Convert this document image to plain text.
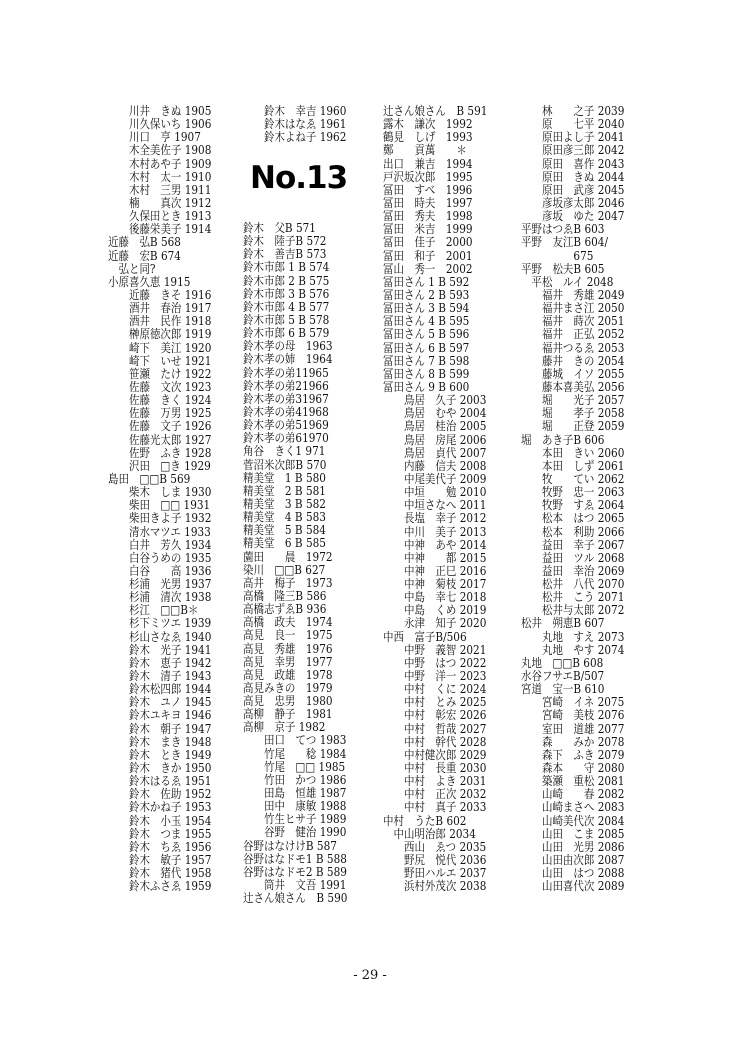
　　川井　きぬ 1905
　　川久保いち 1906
　　川口　亨 1907
　　木全美佐子 1908
　　木村あや子 1909
　　木村　太一 1910
　　木村　三男 1911
　　楠　　真次 1912
　　久保田とき 1913
　　後藤栄美子 1914
近藤　弘B 568
近藤　宏B 674
　弘と同?
小原喜久恵 1915
　　近藤　きそ 1916
　　酒井　春治 1917
　　酒井　民作 1918
　　榊原徳次郎 1919
　　崎下　美江 1920
　　崎下　いせ 1921
　　笹瀬　たけ 1922
　　佐藤　文次 1923
　　佐藤　きく 1924
　　佐藤　万男 1925
　　佐藤　文子 1926
　　佐藤光太郎 1927
　　佐野　ふき 1928
　　沢田　□き 1929
島田　□□B 569
　　柴木　しま 1930
　　柴田　□□ 1931
　　柴田きよ子 1932
　　清水マツエ 1933
　　白井　芳久 1934
　　白谷うめの 1935
　　白谷　　高 1936
　　杉浦　光男 1937
　　杉浦　清次 1938
　　杉江　□□B＊
　　杉下ミツエ 1939
　　杉山さなゑ 1940
　　鈴木　光子 1941
　　鈴木　恵子 1942
　　鈴木　清子 1943
　　鈴木松四郎 1944
　　鈴木　ユノ 1945
　　鈴木ユキヨ 1946
　　鈴木　朝子 1947
　　鈴木　まき 1948
　　鈴木　とき 1949
　　鈴木　きか 1950
　　鈴木はるゑ 1951
　　鈴木　佐助 1952
　　鈴木かね子 1953
　　鈴木　小玉 1954
　　鈴木　つま 1955
　　鈴木　ちゑ 1956
　　鈴木　敏子 1957
　　鈴木　猪代 1958
　　鈴木ふさゑ 1959
　　鈴木　幸吉 1960
　　鈴木はなゑ 1961
　　鈴木よね子 1962
No.13
鈴木　父B 571
鈴木　陸子B 572
鈴木　善吉B 573
鈴木市郎 1 B 574
鈴木市郎 2 B 575
鈴木市郎 3 B 576
鈴木市郎 4 B 577
鈴木市郎 5 B 578
鈴木市郎 6 B 579
鈴木孝の母　1963
鈴木孝の姉　1964
鈴木孝の弟11965
鈴木孝の弟21966
鈴木孝の弟31967
鈴木孝の弟41968
鈴木孝の弟51969
鈴木孝の弟61970
角谷　きく1 971
菅沼米次郎B 570
精美堂　1 B 580
精美堂　2 B 581
精美堂　3 B 582
精美堂　4 B 583
精美堂　5 B 584
精美堂　6 B 585
薗田　　晨　1972
染川　□□B 627
高井　梅子　1973
高橋　隆三B 586
高橋志ずゑB 936
高橋　政夫　1974
高見　良一　1975
高見　秀雄　1976
高見　幸男　1977
高見　政雄　1978
高見みきの　1979
高見　忠男　1980
高柳　静子　1981
高柳　京子 1982
　　田口　てつ 1983
　　竹尾　　稔 1984
　　竹尾　□□ 1985
　　竹田　かつ 1986
　　田島　恒雄 1987
　　田中　康敏 1988
　　竹生ヒサ子 1989
　　谷野　健治 1990
谷野はなけけB 587
谷野はなドモ1 B 588
谷野はなドモ2 B 589
　　筒井　文吾 1991
辻さん娘さん　B 590
辻さん娘さん　B 591
露木　謙次　1992
鶴見　しげ　1993
鄭　　貢萬　　＊
出口　兼吉　1994
戸沢坂次郎　1995
冨田　すべ　1996
冨田　時夫　1997
冨田　秀夫　1998
冨田　米吉　1999
冨田　佳子　2000
冨田　和子　2001
冨山　秀一　2002
冨田さん 1 B 592
冨田さん 2 B 593
冨田さん 3 B 594
冨田さん 4 B 595
冨田さん 5 B 596
冨田さん 6 B 597
冨田さん 7 B 598
冨田さん 8 B 599
冨田さん 9 B 600
　　鳥居　久子 2003
　　鳥居　むや 2004
　　鳥居　桂治 2005
　　鳥居　房尾 2006
　　鳥居　貞代 2007
　　内藤　信夫 2008
　　中尾美代子 2009
　　中垣　　勉 2010
　　中垣さなへ 2011
　　長塩　幸子 2012
　　中川　美子 2013
　　中神　あや 2014
　　中神　　都 2015
　　中神　正巳 2016
　　中神　菊枝 2017
　　中島　幸七 2018
　　中島　くめ 2019
　　永津　知子 2020
中西　富子B/506
　　中野　義智 2021
　　中野　はつ 2022
　　中野　洋一 2023
　　中村　くに 2024
　　中村　とみ 2025
　　中村　彰宏 2026
　　中村　哲哉 2027
　　中村　幹代 2028
　　中村健次郎 2029
　　中村　長重 2030
　　中村　よき 2031
　　中村　正次 2032
　　中村　真子 2033
中村　うたB 602
　中山明治郎 2034
　　西山　ゑつ 2035
　　野尻　悦代 2036
　　野田ハルエ 2037
　　浜村外茂次 2038
　　林　　之子 2039
　　原　　七平 2040
　　原田よし子 2041
　　原田彦三郎 2042
　　原田　喜作 2043
　　原田　きぬ 2044
　　原田　武彦 2045
　　彦坂彦太郎 2046
　　彦坂　ゆた 2047
平野はつゑB 603
平野　友江B 604/
　　　　　675
平野　松夫B 605
　平松　ルイ 2048
　　福井　秀雄 2049
　　福井まさ江 2050
　　福井　蒔次 2051
　　福井　正弘 2052
　　福井つるゑ 2053
　　藤井　きの 2054
　　藤城　イソ 2055
　　藤本喜美弘 2056
　　堀　　光子 2057
　　堀　　孝子 2058
　　堀　　正登 2059
堀　あき子B 606
　　本田　きい 2060
　　本田　しず 2061
　　牧　　てい 2062
　　牧野　忠一 2063
　　牧野　すゑ 2064
　　松本　はつ 2065
　　松本　利助 2066
　　益田　幸子 2067
　　益田　ツル 2068
　　益田　幸治 2069
　　松井　八代 2070
　　松井　こう 2071
　　松井与太郎 2072
松井　朔恵B 607
　　丸地　すえ 2073
　　丸地　やす 2074
丸地　□□B 608
水谷フサエB/507
宮道　宝一B 610
　　宮崎　イネ 2075
　　宮崎　美枝 2076
　　室田　道雄 2077
　　森　　みか 2078
　　森下　ふき 2079
　　森本　　守 2080
　　築瀬　重松 2081
　　山崎　　春 2082
　　山崎まさへ 2083
　　山崎美代次 2084
　　山田　こま 2085
　　山田　光男 2086
　　山田由次郎 2087
　　山田　はつ 2088
　　山田喜代次 2089
- 29 -
